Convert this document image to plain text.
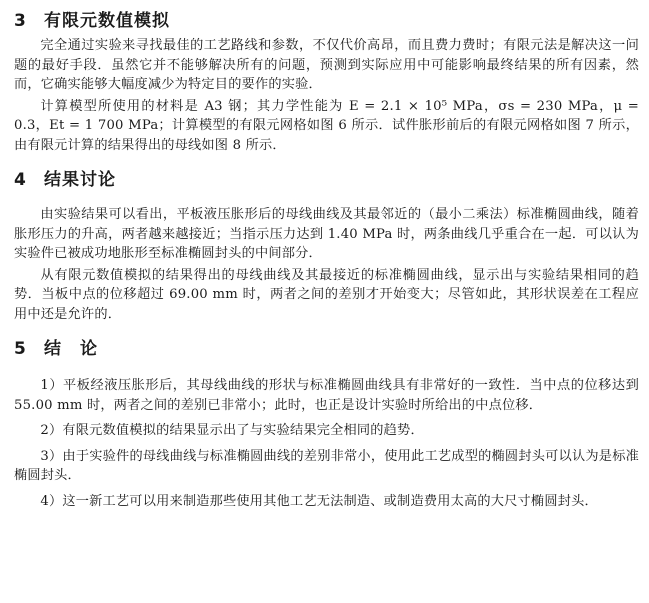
3 有限元数值模拟

完全通过实验来寻找最佳的工艺路线和参数，不仅代价高昂，而且费力费时；有限元法是解决这一问题的最好手段．虽然它并不能够解决所有的问题，预测到实际应用中可能影响最终结果的所有因素，然而，它确实能够大幅度减少为特定目的要作的实验．

计算模型所使用的材料是 A3 钢；其力学性能为 E = 2.1 × 10⁵ MPa，σs = 230 MPa，μ = 0.3，Et = 1 700 MPa；计算模型的有限元网格如图 6 所示．试件胀形前后的有限元网格如图 7 所示，由有限元计算的结果得出的母线如图 8 所示．

4 结果讨论

由实验结果可以看出，平板液压胀形后的母线曲线及其最邻近的（最小二乘法）标准椭圆曲线，随着胀形压力的升高，两者越来越接近；当指示压力达到 1.40 MPa 时，两条曲线几乎重合在一起．可以认为实验件已被成功地胀形至标准椭圆封头的中间部分．

从有限元数值模拟的结果得出的母线曲线及其最接近的标准椭圆曲线，显示出与实验结果相同的趋势．当板中点的位移超过 69.00 mm 时，两者之间的差别才开始变大；尽管如此，其形状误差在工程应用中还是允许的．

5 结　论

1）平板经液压胀形后，其母线曲线的形状与标准椭圆曲线具有非常好的一致性．当中点的位移达到 55.00 mm 时，两者之间的差别已非常小；此时，也正是设计实验时所给出的中点位移．

2）有限元数值模拟的结果显示出了与实验结果完全相同的趋势．

3）由于实验件的母线曲线与标准椭圆曲线的差别非常小，使用此工艺成型的椭圆封头可以认为是标准椭圆封头．

4）这一新工艺可以用来制造那些使用其他工艺无法制造、或制造费用太高的大尺寸椭圆封头．
